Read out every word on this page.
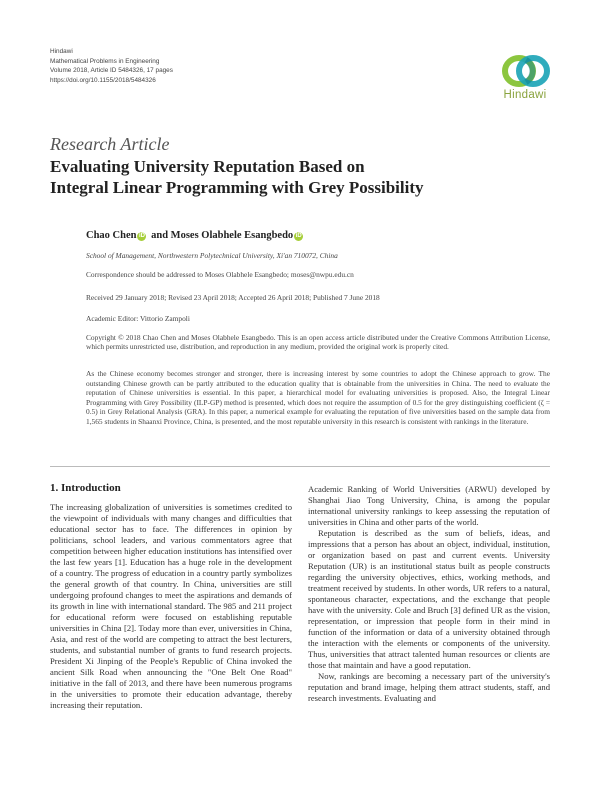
Hindawi
Mathematical Problems in Engineering
Volume 2018, Article ID 5484326, 17 pages
https://doi.org/10.1155/2018/5484326
Hindawi
Research Article
Evaluating University Reputation Based on
Integral Linear Programming with Grey Possibility
Chao Chen iD and Moses Olabhele Esangbedo iD
School of Management, Northwestern Polytechnical University, Xi'an 710072, China
Correspondence should be addressed to Moses Olabhele Esangbedo; moses@nwpu.edu.cn
Received 29 January 2018; Revised 23 April 2018; Accepted 26 April 2018; Published 7 June 2018
Academic Editor: Vittorio Zampoli
Copyright © 2018 Chao Chen and Moses Olabhele Esangbedo. This is an open access article distributed under the Creative Commons Attribution License, which permits unrestricted use, distribution, and reproduction in any medium, provided the original work is properly cited.
As the Chinese economy becomes stronger and stronger, there is increasing interest by some countries to adopt the Chinese approach to grow. The outstanding Chinese growth can be partly attributed to the education quality that is obtainable from the universities in China. The need to evaluate the reputation of Chinese universities is essential. In this paper, a hierarchical model for evaluating universities is proposed. Also, the Integral Linear Programming with Grey Possibility (ILP-GP) method is presented, which does not require the assumption of 0.5 for the grey distinguishing coefficient (ζ = 0.5) in Grey Relational Analysis (GRA). In this paper, a numerical example for evaluating the reputation of five universities based on the sample data from 1,565 students in Shaanxi Province, China, is presented, and the most reputable university in this research is consistent with rankings in the literature.
1. Introduction

The increasing globalization of universities is sometimes credited to the viewpoint of individuals with many changes and difficulties that educational sector has to face. The differences in opinion by politicians, school leaders, and various commentators agree that competition between higher education institutions has intensified over the last few years [1]. Education has a huge role in the development of a country. The progress of education in a country partly symbolizes the general growth of that country. In China, universities are still undergoing profound changes to meet the aspirations and demands of its growth in line with international standard. The 985 and 211 project for educational reform were focused on establishing reputable universities in China [2]. Today more than ever, universities in China, Asia, and rest of the world are competing to attract the best lecturers, students, and substantial number of grants to fund research projects. President Xi Jinping of the People's Republic of China invoked the ancient Silk Road when announcing the "One Belt One Road" initiative in the fall of 2013, and there have been numerous programs in the universities to promote their education advantage, thereby increasing their reputation.

Academic Ranking of World Universities (ARWU) developed by Shanghai Jiao Tong University, China, is among the popular international university rankings to keep assessing the reputation of universities in China and other parts of the world.

Reputation is described as the sum of beliefs, ideas, and impressions that a person has about an object, individual, institution, or organization based on past and current events. University Reputation (UR) is an institutional status built as people constructs regarding the university objectives, ethics, working methods, and treatment received by students. In other words, UR refers to a natural, spontaneous character, expectations, and the exchange that people have with the university. Cole and Bruch [3] defined UR as the vision, representation, or impression that people form in their mind in function of the information or data of a university obtained through the interaction with the elements or components of the university. Thus, universities that attract talented human resources or clients are those that maintain and have a good reputation.

Now, rankings are becoming a necessary part of the university's reputation and brand image, helping them attract students, staff, and research investments. Evaluating and
